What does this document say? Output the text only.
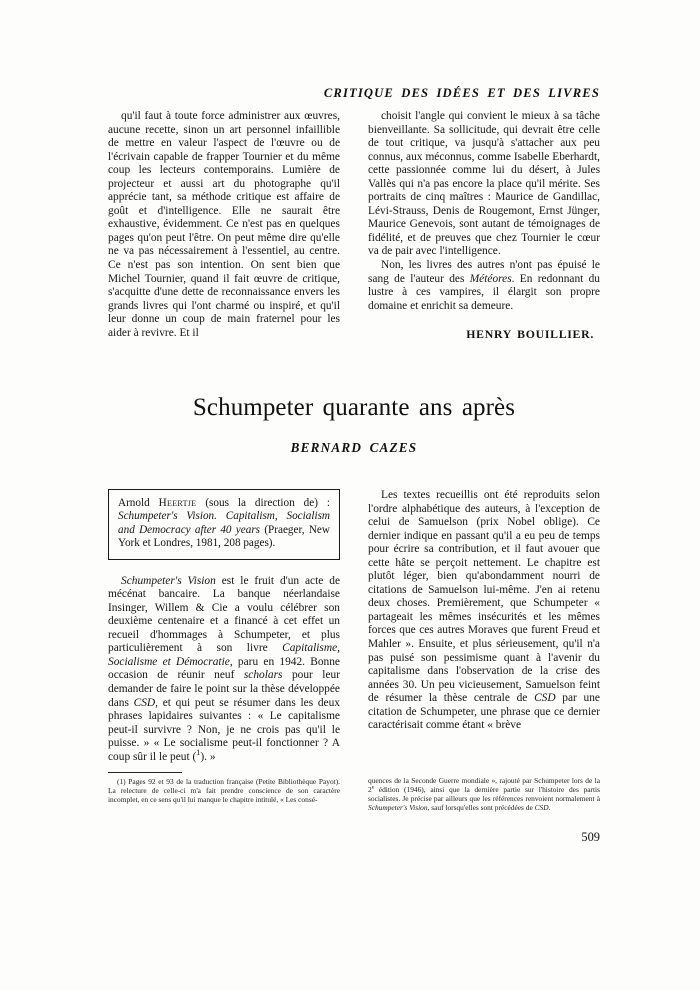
CRITIQUE DES IDÉES ET DES LIVRES

qu'il faut à toute force administrer aux œuvres, aucune recette, sinon un art personnel infaillible de mettre en valeur l'aspect de l'œuvre ou de l'écrivain capable de frapper Tournier et du même coup les lecteurs contemporains. Lumière de projecteur et aussi art du photographe qu'il apprécie tant, sa méthode critique est affaire de goût et d'intelligence. Elle ne saurait être exhaustive, évidemment. Ce n'est pas en quelques pages qu'on peut l'être. On peut même dire qu'elle ne va pas nécessairement à l'essentiel, au centre. Ce n'est pas son intention. On sent bien que Michel Tournier, quand il fait œuvre de critique, s'acquitte d'une dette de reconnaissance envers les grands livres qui l'ont charmé ou inspiré, et qu'il leur donne un coup de main fraternel pour les aider à revivre. Et il

choisit l'angle qui convient le mieux à sa tâche bienveillante. Sa sollicitude, qui devrait être celle de tout critique, va jusqu'à s'attacher aux peu connus, aux méconnus, comme Isabelle Eberhardt, cette passionnée comme lui du désert, à Jules Vallès qui n'a pas encore la place qu'il mérite. Ses portraits de cinq maîtres : Maurice de Gandillac, Lévi-Strauss, Denis de Rougemont, Ernst Jünger, Maurice Genevois, sont autant de témoignages de fidélité, et de preuves que chez Tournier le cœur va de pair avec l'intelligence.

Non, les livres des autres n'ont pas épuisé le sang de l'auteur des Météores. En redonnant du lustre à ces vampires, il élargit son propre domaine et enrichit sa demeure.

HENRY BOUILLIER.
Schumpeter quarante ans après
BERNARD CAZES

Arnold Heertje (sous la direction de) : Schumpeter's Vision. Capitalism, Socialism and Democracy after 40 years (Praeger, New York et Londres, 1981, 208 pages).

Schumpeter's Vision est le fruit d'un acte de mécénat bancaire. La banque néerlandaise Insinger, Willem & Cie a voulu célébrer son deuxième centenaire et a financé à cet effet un recueil d'hommages à Schumpeter, et plus particulièrement à son livre Capitalisme, Socialisme et Démocratie, paru en 1942. Bonne occasion de réunir neuf scholars pour leur demander de faire le point sur la thèse développée dans CSD, et qui peut se résumer dans les deux phrases lapidaires suivantes : « Le capitalisme peut-il survivre ? Non, je ne crois pas qu'il le puisse. » « Le socialisme peut-il fonctionner ? A coup sûr il le peut ($^1$). »

Les textes recueillis ont été reproduits selon l'ordre alphabétique des auteurs, à l'exception de celui de Samuelson (prix Nobel oblige). Ce dernier indique en passant qu'il a eu peu de temps pour écrire sa contribution, et il faut avouer que cette hâte se perçoit nettement. Le chapitre est plutôt léger, bien qu'abondamment nourri de citations de Samuelson lui-même. J'en ai retenu deux choses. Premièrement, que Schumpeter « partageait les mêmes insécurités et les mêmes forces que ces autres Moraves que furent Freud et Mahler ». Ensuite, et plus sérieusement, qu'il n'a pas puisé son pessimisme quant à l'avenir du capitalisme dans l'observation de la crise des années 30. Un peu vicieusement, Samuelson feint de résumer la thèse centrale de CSD par une citation de Schumpeter, une phrase que ce dernier caractérisait comme étant « brève

(1) Pages 92 et 93 de la traduction française (Petite Bibliothèque Payot). La relecture de celle-ci m'a fait prendre conscience de son caractère incomplet, en ce sens qu'il lui manque le chapitre intitulé, « Les consé-

quences de la Seconde Guerre mondiale », rajouté par Schumpeter lors de la 2e édition (1946), ainsi que la dernière partie sur l'histoire des partis socialistes. Je précise par ailleurs que les références renvoient normalement à Schumpeter's Vision, sauf lorsqu'elles sont précédées de CSD.

509
